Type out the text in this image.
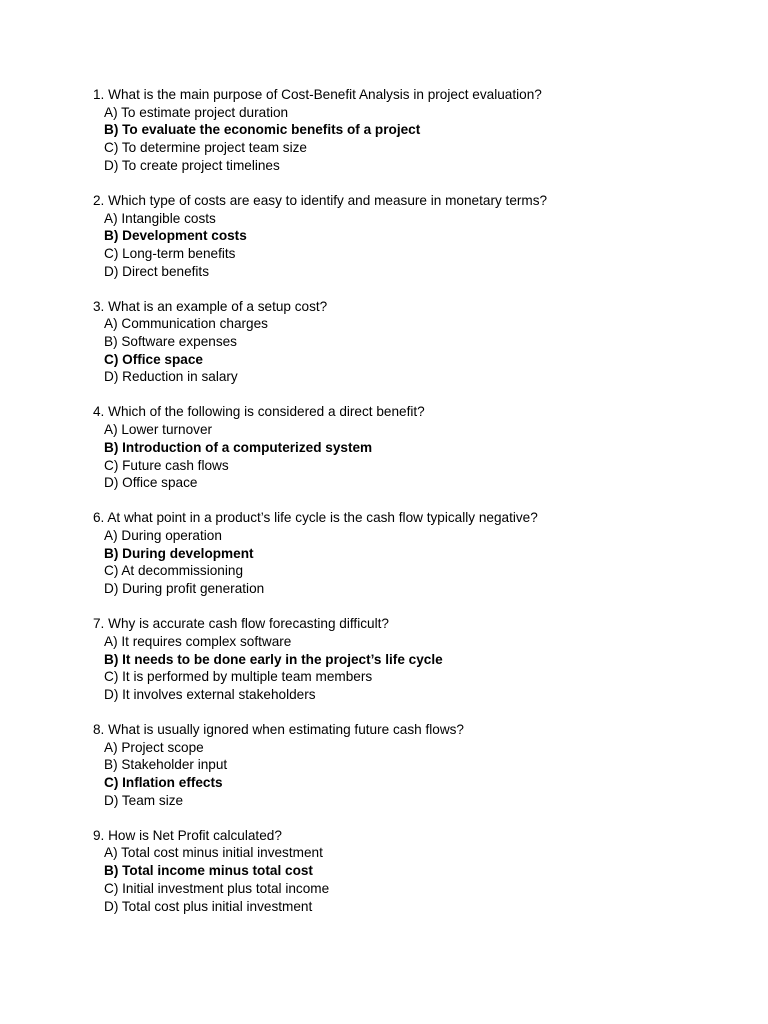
1. What is the main purpose of Cost-Benefit Analysis in project evaluation?
A) To estimate project duration
B) To evaluate the economic benefits of a project
C) To determine project team size
D) To create project timelines
2. Which type of costs are easy to identify and measure in monetary terms?
A) Intangible costs
B) Development costs
C) Long-term benefits
D) Direct benefits
3. What is an example of a setup cost?
A) Communication charges
B) Software expenses
C) Office space
D) Reduction in salary
4. Which of the following is considered a direct benefit?
A) Lower turnover
B) Introduction of a computerized system
C) Future cash flows
D) Office space
6. At what point in a product’s life cycle is the cash flow typically negative?
A) During operation
B) During development
C) At decommissioning
D) During profit generation
7. Why is accurate cash flow forecasting difficult?
A) It requires complex software
B) It needs to be done early in the project’s life cycle
C) It is performed by multiple team members
D) It involves external stakeholders
8. What is usually ignored when estimating future cash flows?
A) Project scope
B) Stakeholder input
C) Inflation effects
D) Team size
9. How is Net Profit calculated?
A) Total cost minus initial investment
B) Total income minus total cost
C) Initial investment plus total income
D) Total cost plus initial investment
